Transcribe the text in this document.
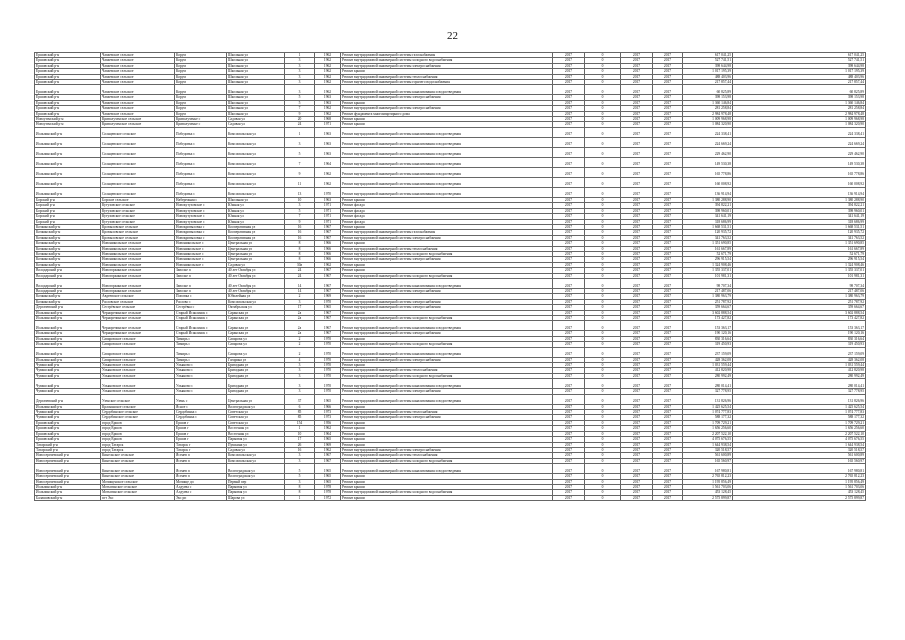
22
Ершовский р-н	Чапаевское сельское	Корум	Школьная ул	1	1962	Ремонт внутридомовой инженерной системы газоснабжения	2017	0	2017	2017	617 041,25	617 041,25
Ершовский р-н	Чапаевское сельское	Корум	Школьная ул	3	1962	Ремонт внутридомовой инженерной системы холодного водоснабжения	2017	0	2017	2017	527 741,51	527 741,51
Ершовский р-н	Чапаевское сельское	Корум	Школьная ул	3	1962	Ремонт внутридомовой инженерной системы электроснабжения	2017	0	2017	2017	398 644,98	398 644,98
Ершовский р-н	Чапаевское сельское	Корум	Школьная ул	3	1962	Ремонт крыши	2017	0	2017	2017	1 017 195,39	1 017 195,39
Ершовский р-н	Чапаевское сельское	Корум	Школьная ул	3	1962	Ремонт внутридомовой инженерной системы теплоснабжения	2017	0	2017	2017	488 403,96	488 403,96
Ершовский р-н	Чапаевское сельское	Корум	Школьная ул	3	1962	Ремонт внутридомовой инженерной системы горячего водоснабжения	2017	0	2017	2017	217 857,44	217 857,44
Ершовский р-н	Чапаевское сельское	Корум	Школьная ул	3	1962	Ремонт внутридомовой инженерной системы канализования и водоотведения	2017	0	2017	2017	60 825,89	60 825,89
Ершовский р-н	Чапаевское сельское	Корум	Школьная ул	5	1963	Ремонт внутридомовой инженерной системы электроснабжения	2017	0	2017	2017	398 153,98	398 153,98
Ершовский р-н	Чапаевское сельское	Корум	Школьная ул	5	1963	Ремонт крыши	2017	0	2017	2017	1 360 146,84	1 360 146,84
Ершовский р-н	Чапаевское сельское	Корум	Школьная ул	7	1962	Ремонт внутридомовой инженерной системы электроснабжения	2017	0	2017	2017	281 258,84	281 258,84
Ершовский р-н	Чапаевское сельское	Корум	Школьная ул	9	1962	Ремонт фундамента многоквартирного дома	2017	0	2017	2017	2 984 978,48	2 984 978,48
Новоузенский р-н	Криволученское сельское	Криволученье с	Садовая ул	20	1968	Ремонт крыши	2017	0	2017	2017	1 009 968,98	1 009 968,98
Новоузенский р-н	Криволученское сельское	Криволученье с	Садовая ул	24	1971	Ремонт крыши	2017	0	2017	2017	1 084 320,90	1 084 320,90
Исаклинский р-н	Солнцевское сельское	Победовка с	Комсомольская ул	1	1963	Ремонт внутридомовой инженерной системы канализования и водоотведения	2017	0	2017	2017	224 338,41	224 338,41
Исаклинский р-н	Солнцевское сельское	Победовка с	Комсомольская ул	3	1963	Ремонт внутридомовой инженерной системы канализования и водоотведения	2017	0	2017	2017	224 669,24	224 669,24
Исаклинский р-н	Солнцевское сельское	Победовка с	Комсомольская ул	5	1963	Ремонт внутридомовой инженерной системы канализования и водоотведения	2017	0	2017	2017	229 462,90	229 462,90
Исаклинский р-н	Солнцевское сельское	Победовка с	Комсомольская ул	7	1964	Ремонт внутридомовой инженерной системы канализования и водоотведения	2017	0	2017	2017	149 530,38	149 530,38
Исаклинский р-н	Солнцевское сельское	Победовка с	Комсомольская ул	9	1962	Ремонт внутридомовой инженерной системы канализования и водоотведения	2017	0	2017	2017	165 778,86	165 778,86
Исаклинский р-н	Солнцевское сельское	Победовка с	Комсомольская ул	11	1962	Ремонт внутридомовой инженерной системы канализования и водоотведения	2017	0	2017	2017	160 008,92	160 008,92
Исаклинский р-н	Солнцевское сельское	Победовка с	Комсомольская ул	13	1970	Ремонт внутридомовой инженерной системы канализования и водоотведения	2017	0	2017	2017	136 914,94	136 914,94
Борский р-н	Борское сельское	Набережная с	Школьная ул	10	1963	Ремонт крыши	2017	0	2017	2017	1 380 288,90	1 380 288,90
Борский р-н	Кутузовское сельское	Новокутузовское с	Южная ул	3	1971	Ремонт фасада	2017	0	2017	2017	394 822,21	394 822,21
Борский р-н	Кутузовское сельское	Новокутузовское с	Южная ул	5	1971	Ремонт фасада	2017	0	2017	2017	398 960,01	398 960,01
Борский р-н	Кутузовское сельское	Новокутузовское с	Южная ул	7	1971	Ремонт фасада	2017	0	2017	2017	341 641,19	341 641,19
Борский р-н	Кутузовское сельское	Новокутузовское с	Южная ул	9	1971	Ремонт фасада	2017	0	2017	2017	318 686,99	318 686,99
Кочкинский р-н	Кровыловское сельское	Новокровыловка с	Кооперативная ул	16	1967	Ремонт крыши	2017	0	2017	2017	1 668 531,51	1 668 531,51
Кочкинский р-н	Кровыловское сельское	Новокровыловка с	Кооперативная ул	16	1967	Ремонт внутридомовой инженерной системы газоснабжения	2017	0	2017	2017	120 935,72	120 935,72
Кочкинский р-н	Кровыловское сельское	Новокровыловка с	Кооперативная ул	16	1967	Ремонт внутридомовой инженерной системы электроснабжения	2017	0	2017	2017	341 763,52	341 763,52
Кочкинский р-н	Новоникольское сельское	Новоникольское с	Центральная ул	8	1966	Ремонт крыши	2017	0	2017	2017	1 351 690,85	1 351 690,85
Кочкинский р-н	Новоникольское сельское	Новоникольское с	Центральная ул	8	1966	Ремонт внутридомовой инженерной системы теплоснабжения	2017	0	2017	2017	161 667,89	161 667,89
Кочкинский р-н	Новоникольское сельское	Новоникольское с	Центральная ул	8	1966	Ремонт внутридомовой инженерной системы холодного водоснабжения	2017	0	2017	2017	52 671,79	52 671,79
Кочкинский р-н	Новоникольское сельское	Новоникольское с	Центральная ул	8	1966	Ремонт внутридомовой инженерной системы электроснабжения	2017	0	2017	2017	296 915,54	296 915,54
Кочкинский р-н	Новоникольское сельское	Новоникольское с	Садовая ул	30а	1962	Ремонт крыши	2017	0	2017	2017	1 324 908,46	1 324 908,46
Володарский р-н	Новогоркинское сельское	Заволье п	40 лет Октября ул	24	1967	Ремонт крыши	2017	0	2017	2017	1 355 337,01	1 355 337,01
Володарский р-н	Новогоркинское сельское	Заволье п	40 лет Октября ул	24	1967	Ремонт внутридомовой инженерной системы холодного водоснабжения	2017	0	2017	2017	101 981,31	101 981,31
Володарский р-н	Новогоркинское сельское	Заволье п	40 лет Октября ул	14	1967	Ремонт внутридомовой инженерной системы канализования и водоотведения	2017	0	2017	2017	98 707,34	98 707,34
Володарский р-н	Новогоркинское сельское	Заволье п	40 лет Октября ул	14	1967	Ремонт внутридомовой инженерной системы электроснабжения	2017	0	2017	2017	217 487,06	217 487,06
Кочкинский р-н	Авдеевское сельское	Поповка с	Юбилейная ул	2	1969	Ремонт крыши	2017	0	2017	2017	1 380 963,79	1 380 963,79
Кочкинский р-н	Расловское сельское	Раслово с	Комсомольская ул	3	1970	Ремонт внутридомовой инженерной системы электроснабжения	2017	0	2017	2017	251 787,92	251 787,92
Дергачевский р-н	Сестрёвское сельское	Сестрёвка с	Октябрьская ул	17	1965	Ремонт внутридомовой инженерной системы электроснабжения	2017	0	2017	2017	359 664,67	359 664,67
Исаклинский р-н	Черноречинское сельское	Старый Исаклинск с	Саранская ул	2а	1967	Ремонт крыши	2017	0	2017	2017	3 602 888,54	3 602 888,54
Исаклинский р-н	Черноречинское сельское	Старый Исаклинск с	Саранская ул	2а	1967	Ремонт внутридомовой инженерной системы холодного водоснабжения	2017	0	2017	2017	173 427,82	173 427,82
Исаклинский р-н	Черноречинское сельское	Старый Исаклинск с	Саранская ул	2а	1967	Ремонт внутридомовой инженерной системы канализования и водоотведения	2017	0	2017	2017	153 363,17	153 363,17
Исаклинский р-н	Черноречинское сельское	Старый Исаклинск с	Саранская ул	2а	1967	Ремонт внутридомовой инженерной системы электроснабжения	2017	0	2017	2017	190 120,16	190 120,16
Исаклинский р-н	Сапаровское сельское	Тимирь с	Сапарова ул	2	1970	Ремонт крыши	2017	0	2017	2017	830 316,64	830 316,64
Исаклинский р-н	Сапаровское сельское	Тимирь с	Сапарова ул	2	1970	Ремонт внутридомовой инженерной системы холодного водоснабжения	2017	0	2017	2017	319 450,93	319 450,93
Исаклинский р-н	Сапаровское сельское	Тимирь с	Сапарова ул	2	1970	Ремонт внутридомовой инженерной системы канализования и водоотведения	2017	0	2017	2017	237 159,09	237 159,09
Исаклинский р-н	Сапаровское сельское	Тимирь с	Гагарина ул	4	1970	Ремонт внутридомовой инженерной системы электроснабжения	2017	0	2017	2017	428 362,08	428 362,08
Чувашский р-н	Ульяновское сельское	Ульяново с	Бригадная ул	3	1970	Ремонт крыши	2017	0	2017	2017	1 031 559,44	1 031 559,44
Чувашский р-н	Ульяновское сельское	Ульяново с	Бригадная ул	3	1970	Ремонт внутридомовой инженерной системы теплоснабжения	2017	0	2017	2017	412 820,98	412 820,98
Чувашский р-н	Ульяновское сельское	Ульяново с	Бригадная ул	3	1970	Ремонт внутридомовой инженерной системы холодного водоснабжения	2017	0	2017	2017	280 992,49	280 992,49
Чувашский р-н	Ульяновское сельское	Ульяново с	Бригадная ул	3	1970	Ремонт внутридомовой инженерной системы канализования и водоотведения	2017	0	2017	2017	280 014,41	280 014,41
Чувашский р-н	Ульяновское сельское	Ульяново с	Бригадная ул	3	1970	Ремонт внутридомовой инженерной системы электроснабжения	2017	0	2017	2017	327 778,95	327 778,95
Дергачевский р-н	Узенское сельское	Узень с	Центральная ул	37	1965	Ремонт внутридомовой инженерной системы канализования и водоотведения	2017	0	2017	2017	131 826,96	131 826,96
Исаклинский р-н	Краснянское сельское	Ясное с	Волгоградская ул	6	1966	Ремонт крыши	2017	0	2017	2017	1 425 625,54	1 425 625,54
Чувашский р-н	Сердобинское сельское	Сердобинка с	Советская ул	85	1973	Ремонт внутридомовой инженерной системы теплоснабжения	2017	0	2017	2017	1 074 777,83	1 074 777,83
Чувашский р-н	Сердобинское сельское	Сердобинка с	Советская ул	85	1973	Ремонт внутридомовой инженерной системы электроснабжения	2017	0	2017	2017	588 177,32	588 177,32
Ершовский р-н	город Ершов	Ершов г	Советская ул	154	1956	Ремонт крыши	2017	0	2017	2017	1 709 729,21	1 709 729,21
Ершовский р-н	город Ершов	Ершов г	Восточная ул	1	1962	Ремонт крыши	2017	0	2017	2017	1 656 256,60	1 656 256,60
Ершовский р-н	город Ершов	Ершов г	Восточная ул	10	1964	Ремонт крыши	2017	0	2017	2017	2 207 522,10	2 207 522,10
Ершовский р-н	город Ершов	Ершов г	Парковая ул	17	1965	Ремонт крыши	2017	0	2017	2017	4 075 676,55	4 075 676,55
Татарский р-н	город Татарск	Татарск г	Пушкина ул	26	1969	Ремонт крыши	2017	0	2017	2017	1 644 938,54	1 644 938,54
Татарский р-н	город Татарск	Татарск г	Садовая ул	16	1962	Ремонт внутридомовой инженерной системы электроснабжения	2017	0	2017	2017	320 518,57	320 518,57
Новосергиевский р-н	Кинельское сельское	Ясенев п	Комсомольская ул	3	1967	Ремонт внутридомовой инженерной системы теплоснабжения	2017	0	2017	2017	561 600,89	561 600,89
Новосергиевский р-н	Кинельское сельское	Ясенев п	Комсомольская ул	3	1967	Ремонт внутридомовой инженерной системы холодного водоснабжения	2017	0	2017	2017	165 560,97	165 560,97
Новосергиевский р-н	Кинельское сельское	Ясенев п	Волгоградская ул	5	1965	Ремонт внутридомовой инженерной системы канализования и водоотведения	2017	0	2017	2017	167 980,81	167 980,81
Новосергиевский р-н	Кинельское сельское	Ясенев п	Волгоградская ул	5	1965	Ремонт крыши	2017	0	2017	2017	2 765 812,23	2 765 812,23
Новосергиевский р-н	Мочищенское сельское	Мочище дп	Первый пер	3	1965	Ремонт крыши	2017	0	2017	2017	1 195 856,49	1 195 856,49
Исаклинский р-н	Мотыгинское сельское	Алдуева с	Парковая ул	8	1978	Ремонт крыши	2017	0	2017	2017	1 561 703,06	1 561 703,06
Исаклинский р-н	Мотыгинское сельское	Алдуева с	Парковая ул	8	1978	Ремонт внутридомовой инженерной системы холодного водоснабжения	2017	0	2017	2017	453 128,45	453 128,45
Балашовский р-н	пгт Экс	Экс рп	Шарова ул	1	1972	Ремонт крыши	2017	0	2017	2017	2 575 899,87	2 575 899,87
